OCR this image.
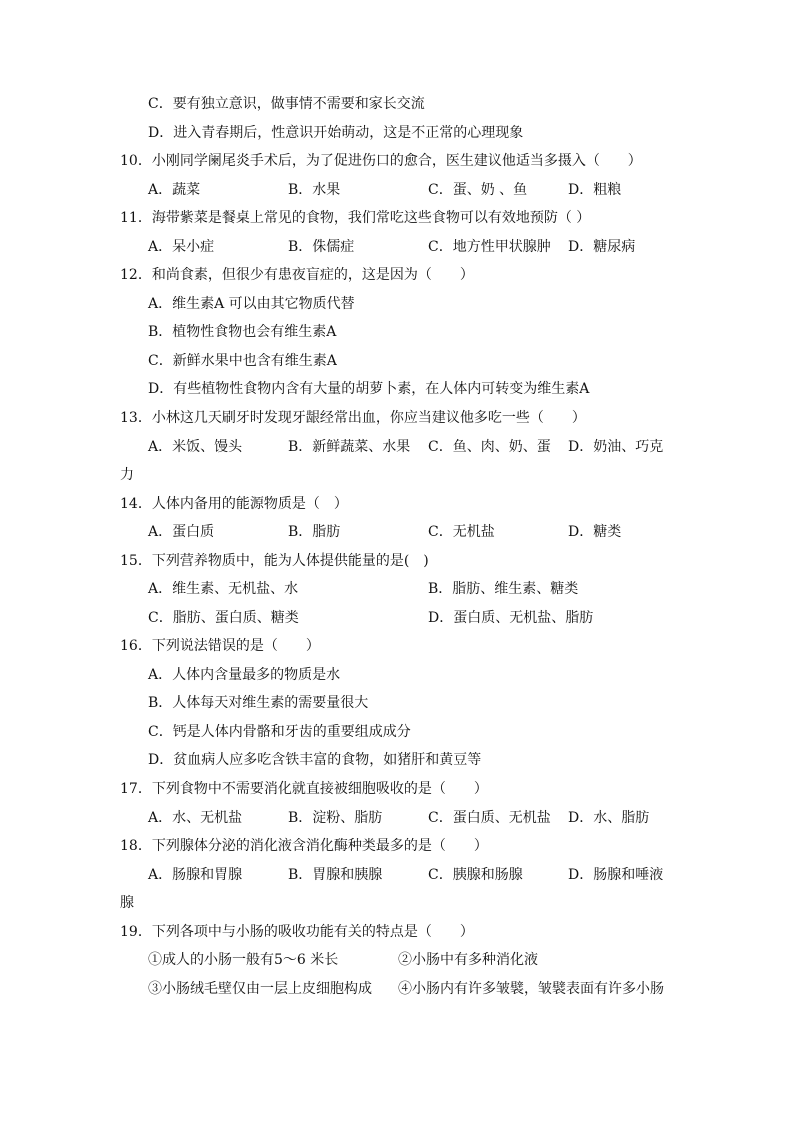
C．要有独立意识，做事情不需要和家长交流
D．进入青春期后，性意识开始萌动，这是不正常的心理现象
10．小刚同学阑尾炎手术后，为了促进伤口的愈合，医生建议他适当多摄入（　　）
A．蔬菜	B．水果	C．蛋、奶 、鱼	D．粗粮
11．海带紫菜是餐桌上常见的食物，我们常吃这些食物可以有效地预防（ ）
A．呆小症	B．侏儒症	C．地方性甲状腺肿 D．糖尿病
12．和尚食素，但很少有患夜盲症的，这是因为（　　）
A．维生素A 可以由其它物质代替
B．植物性食物也会有维生素A
C．新鲜水果中也含有维生素A
D．有些植物性食物内含有大量的胡萝卜素，在人体内可转变为维生素A
13．小林这几天刷牙时发现牙龈经常出血，你应当建议他多吃一些（　　）
A．米饭、馒头	B．新鲜蔬菜、水果 C．鱼、肉、奶、蛋 D．奶油、巧克
力
14．人体内备用的能源物质是（　）
A．蛋白质	B．脂肪	C．无机盐	D．糖类
15．下列营养物质中，能为人体提供能量的是(　)
A．维生素、无机盐、水	B．脂肪、维生素、糖类
C．脂肪、蛋白质、糖类	D．蛋白质、无机盐、脂肪
16．下列说法错误的是（　　）
A．人体内含量最多的物质是水
B．人体每天对维生素的需要量很大
C．钙是人体内骨骼和牙齿的重要组成成分
D．贫血病人应多吃含铁丰富的食物，如猪肝和黄豆等
17．下列食物中不需要消化就直接被细胞吸收的是（　　）
A．水、无机盐	B．淀粉、脂肪	C．蛋白质、无机盐 D．水、脂肪
18．下列腺体分泌的消化液含消化酶种类最多的是（　　）
A．肠腺和胃腺	B．胃腺和胰腺	C．胰腺和肠腺	D．肠腺和唾液
腺
19．下列各项中与小肠的吸收功能有关的特点是（　　）
①成人的小肠一般有5～6 米长	②小肠中有多种消化液
③小肠绒毛壁仅由一层上皮细胞构成 ④小肠内有许多皱襞，皱襞表面有许多小肠
